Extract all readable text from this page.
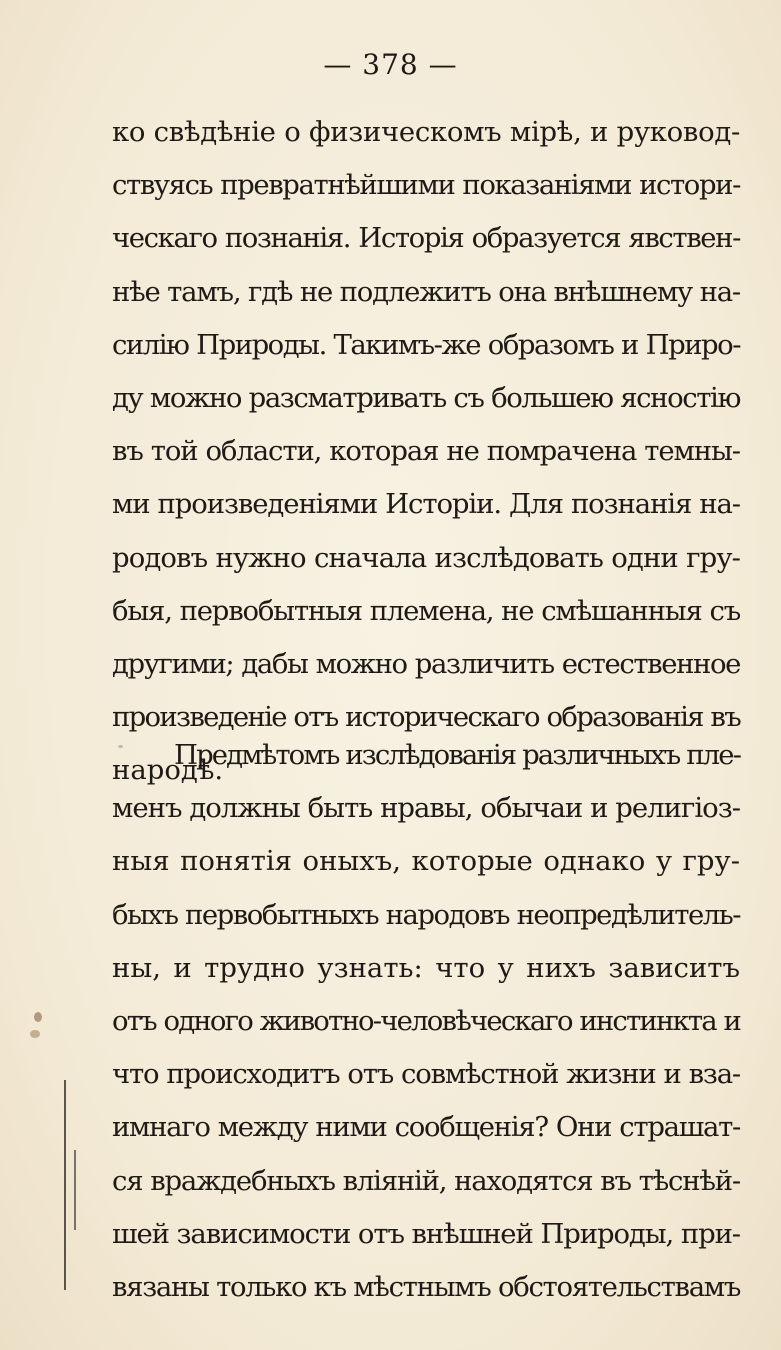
— 378 —
ко свѣдѣніе о физическомъ мірѣ, и руковод-
ствуясь превратнѣйшими показаніями истори-
ческаго познанія. Исторія образуется явствен-
нѣе тамъ, гдѣ не подлежитъ она внѣшнему на-
силію Природы. Такимъ-же образомъ и Приро-
ду можно разсматривать съ большею ясностію
въ той области, которая не помрачена темны-
ми произведеніями Исторіи. Для познанія на-
родовъ нужно сначала изслѣдовать одни гру-
быя, первобытныя племена, не смѣшанныя съ
другими; дабы можно различить естественное
произведеніе отъ историческаго образованія въ
народѣ.
Предмѣтомъ изслѣдованія различныхъ пле-
менъ должны быть нравы, обычаи и религіоз-
ныя понятія оныхъ, которые однако у гру-
быхъ первобытныхъ народовъ неопредѣлитель-
ны, и трудно узнать: что у нихъ зависитъ
отъ одного животно-человѣческаго инстинкта и
что происходитъ отъ совмѣстной жизни и вза-
имнаго между ними сообщенія? Они страшат-
ся враждебныхъ вліяній, находятся въ тѣснѣй-
шей зависимости отъ внѣшней Природы, при-
вязаны только къ мѣстнымъ обстоятельствамъ
